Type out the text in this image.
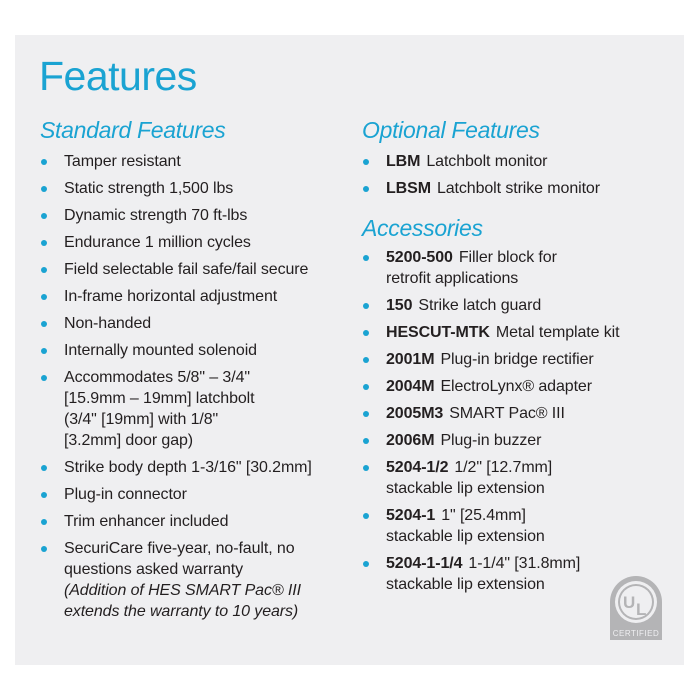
Features
Standard Features
Tamper resistant
Static strength 1,500 lbs
Dynamic strength 70 ft-lbs
Endurance 1 million cycles
Field selectable fail safe/fail secure
In-frame horizontal adjustment
Non-handed
Internally mounted solenoid
Accommodates 5/8" – 3/4" [15.9mm – 19mm] latchbolt (3/4" [19mm] with 1/8" [3.2mm] door gap)
Strike body depth 1-3/16" [30.2mm]
Plug-in connector
Trim enhancer included
SecuriCare five-year, no-fault, no questions asked warranty
(Addition of HES SMART Pac® III extends the warranty to 10 years)
Optional Features
LBM Latchbolt monitor
LBSM Latchbolt strike monitor
Accessories
5200-500 Filler block for retrofit applications
150 Strike latch guard
HESCUT-MTK Metal template kit
2001M Plug-in bridge rectifier
2004M ElectroLynx® adapter
2005M3 SMART Pac® III
2006M Plug-in buzzer
5204-1/2 1/2" [12.7mm] stackable lip extension
5204-1 1" [25.4mm] stackable lip extension
5204-1-1/4 1-1/4" [31.8mm] stackable lip extension
U L
CERTIFIED
